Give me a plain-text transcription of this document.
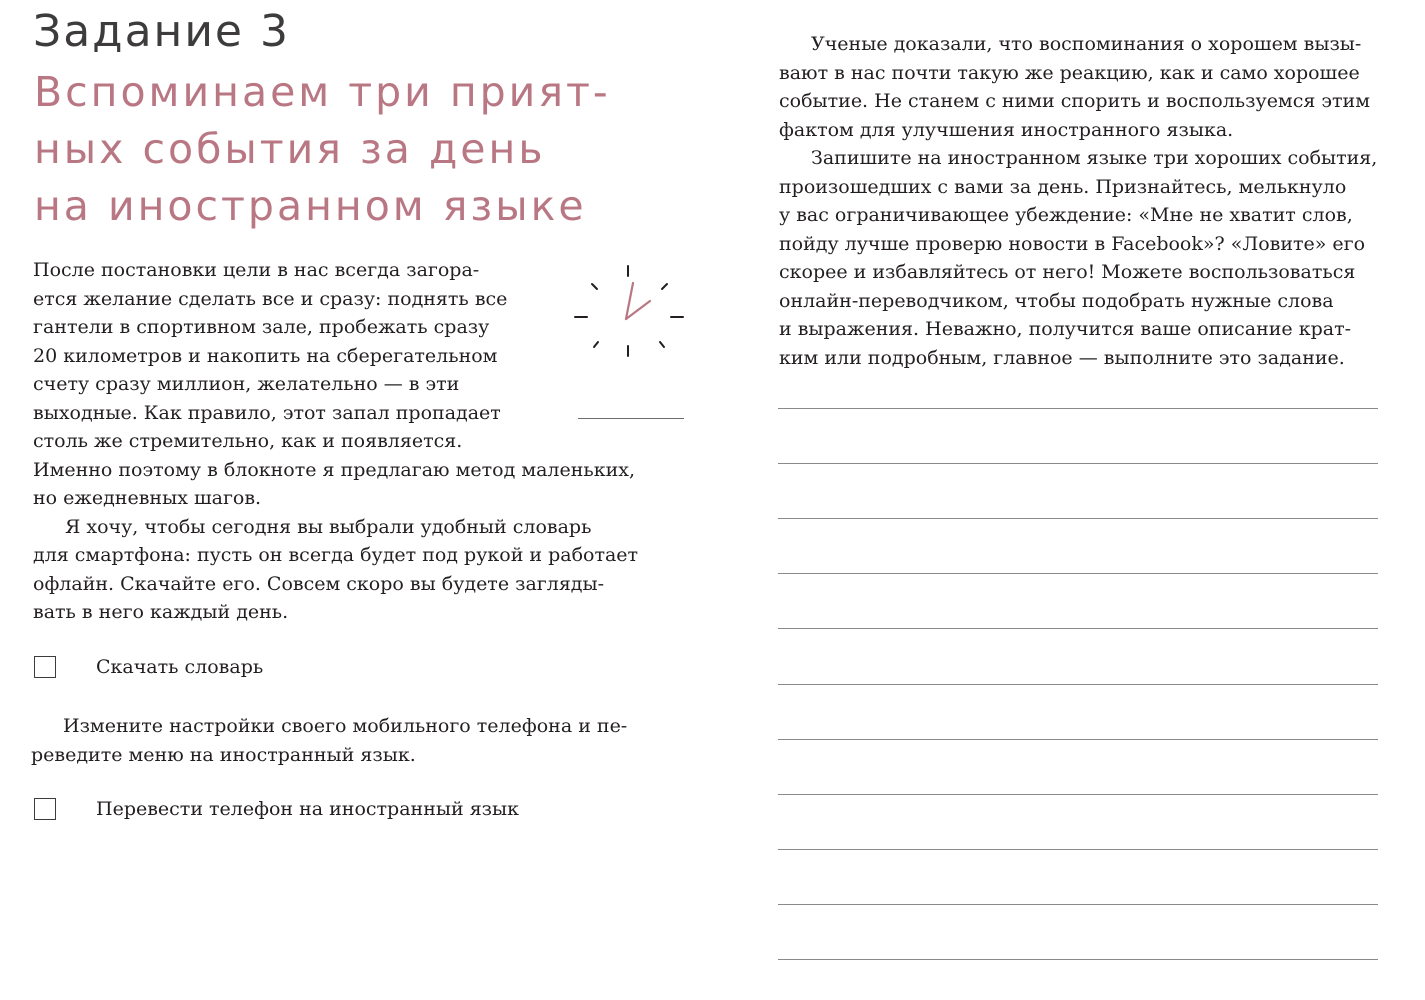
Задание 3
Вспоминаем три прият-
ных события за день
на иностранном языке
После постановки цели в нас всегда загора-
ется желание сделать все и сразу: поднять все
гантели в спортивном зале, пробежать сразу
20 километров и накопить на сберегательном
счету сразу миллион, желательно — в эти
выходные. Как правило, этот запал пропадает
столь же стремительно, как и появляется.
Именно поэтому в блокноте я предлагаю метод маленьких,
но ежедневных шагов.
Я хочу, чтобы сегодня вы выбрали удобный словарь
для смартфона: пусть он всегда будет под рукой и работает
офлайн. Скачайте его. Совсем скоро вы будете загляды-
вать в него каждый день.
Скачать словарь
Измените настройки своего мобильного телефона и пе-
реведите меню на иностранный язык.
Перевести телефон на иностранный язык
Ученые доказали, что воспоминания о хорошем вызы-
вают в нас почти такую же реакцию, как и само хорошее
событие. Не станем с ними спорить и воспользуемся этим
фактом для улучшения иностранного языка.
Запишите на иностранном языке три хороших события,
произошедших с вами за день. Признайтесь, мелькнуло
у вас ограничивающее убеждение: «Мне не хватит слов,
пойду лучше проверю новости в Facebook»? «Ловите» его
скорее и избавляйтесь от него! Можете воспользоваться
онлайн-переводчиком, чтобы подобрать нужные слова
и выражения. Неважно, получится ваше описание крат-
ким или подробным, главное — выполните это задание.
